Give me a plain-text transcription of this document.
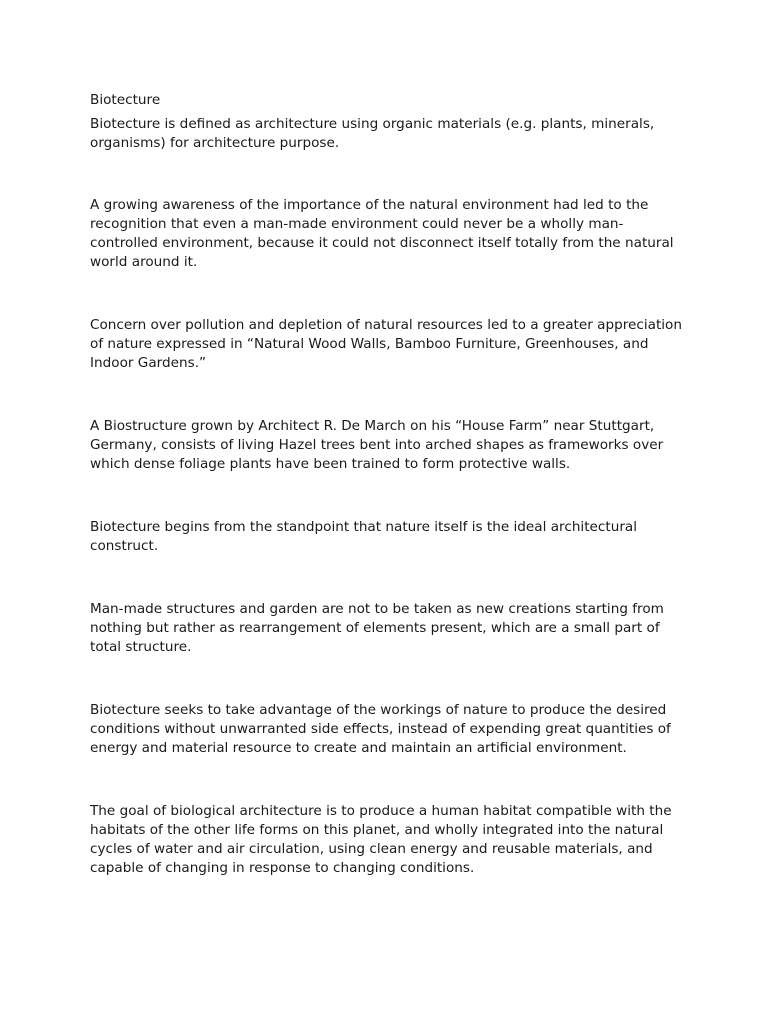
Biotecture

Biotecture is defined as architecture using organic materials (e.g. plants, minerals, organisms) for architecture purpose.

A growing awareness of the importance of the natural environment had led to the recognition that even a man-made environment could never be a wholly man-controlled environment, because it could not disconnect itself totally from the natural world around it.

Concern over pollution and depletion of natural resources led to a greater appreciation of nature expressed in “Natural Wood Walls, Bamboo Furniture, Greenhouses, and Indoor Gardens.”

A Biostructure grown by Architect R. De March on his “House Farm” near Stuttgart, Germany, consists of living Hazel trees bent into arched shapes as frameworks over which dense foliage plants have been trained to form protective walls.

Biotecture begins from the standpoint that nature itself is the ideal architectural construct.

Man-made structures and garden are not to be taken as new creations starting from nothing but rather as rearrangement of elements present, which are a small part of total structure.

Biotecture seeks to take advantage of the workings of nature to produce the desired conditions without unwarranted side effects, instead of expending great quantities of energy and material resource to create and maintain an artificial environment.

The goal of biological architecture is to produce a human habitat compatible with the habitats of the other life forms on this planet, and wholly integrated into the natural cycles of water and air circulation, using clean energy and reusable materials, and capable of changing in response to changing conditions.
